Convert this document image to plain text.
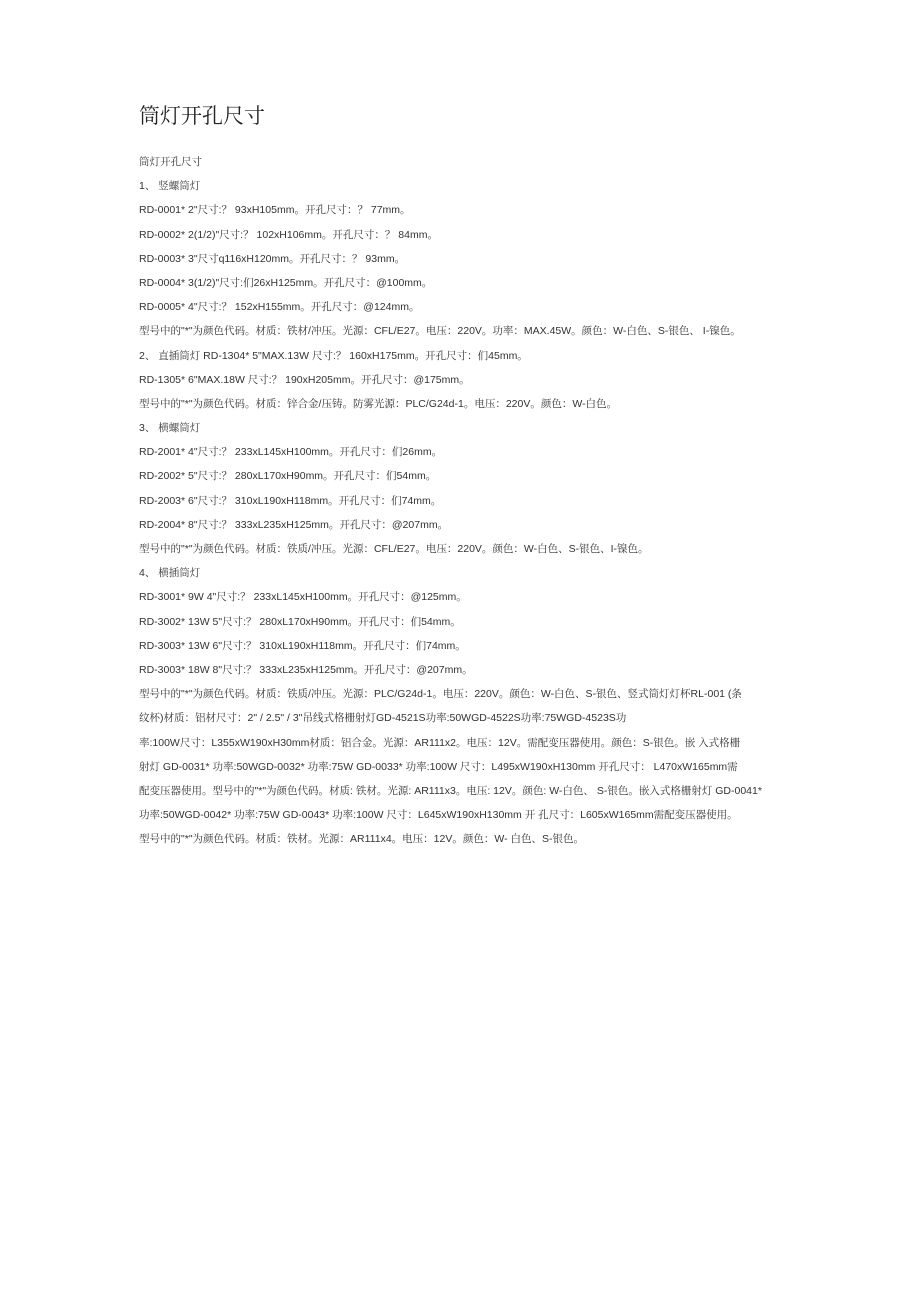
筒灯开孔尺寸

筒灯开孔尺寸

1、 竖螺筒灯

RD-0001* 2"尺寸:？ 93xH105mm。开孔尺寸：？ 77mm。

RD-0002* 2(1/2)"尺寸:？ 102xH106mm。开孔尺寸：？ 84mm。

RD-0003* 3"尺寸q116xH120mm。开孔尺寸：？ 93mm。

RD-0004* 3(1/2)"尺寸:们26xH125mm。开孔尺寸：@100mm。

RD-0005* 4"尺寸:？ 152xH155mm。开孔尺寸：@124mm。

型号中的"*"为颜色代码。材质：铁材/冲压。光源：CFL/E27。电压：220V。功率：MAX.45W。颜色：W-白色、S-银色、 I-镍色。

2、 直插筒灯 RD-1304* 5"MAX.13W 尺寸:？ 160xH175mm。开孔尺寸：们45mm。

RD-1305* 6"MAX.18W 尺寸:？ 190xH205mm。开孔尺寸：@175mm。

型号中的"*"为颜色代码。材质：锌合金/压铸。防雾光源：PLC/G24d-1。电压：220V。颜色：W-白色。

3、 横螺筒灯

RD-2001* 4"尺寸:？ 233xL145xH100mm。开孔尺寸：们26mm。

RD-2002* 5"尺寸:？ 280xL170xH90mm。开孔尺寸：们54mm。

RD-2003* 6"尺寸:？ 310xL190xH118mm。开孔尺寸：们74mm。

RD-2004* 8"尺寸:？ 333xL235xH125mm。开孔尺寸：@207mm。

型号中的"*"为颜色代码。材质：铁质/冲压。光源：CFL/E27。电压：220V。颜色：W-白色、S-银色、I-镍色。

4、 横插筒灯

RD-3001* 9W 4"尺寸:？ 233xL145xH100mm。开孔尺寸：@125mm。

RD-3002* 13W 5"尺寸:？ 280xL170xH90mm。开孔尺寸：们54mm。

RD-3003* 13W 6"尺寸:？ 310xL190xH118mm。开孔尺寸：们74mm。

RD-3003* 18W 8"尺寸:？ 333xL235xH125mm。开孔尺寸：@207mm。

型号中的"*"为颜色代码。材质：铁质/冲压。光源：PLC/G24d-1。电压：220V。颜色：W-白色、S-银色、竖式筒灯灯杯RL-001 (条

纹杯)材质：铝材尺寸：2" / 2.5" / 3"吊线式格栅射灯GD-4521S功率:50WGD-4522S功率:75WGD-4523S功

率:100W尺寸：L355xW190xH30mm材质：铝合金。光源：AR111x2。电压：12V。需配变压器使用。颜色：S-银色。嵌 入式格栅

射灯 GD-0031* 功率:50WGD-0032* 功率:75W GD-0033* 功率:100W 尺寸：L495xW190xH130mm 开孔尺寸： L470xW165mm需

配变压器使用。型号中的"*"为颜色代码。材质: 铁材。光源: AR111x3。电压: 12V。颜色: W-白色、 S-银色。嵌入式格栅射灯 GD-0041*

功率:50WGD-0042* 功率:75W GD-0043* 功率:100W 尺寸：L645xW190xH130mm 开 孔尺寸：L605xW165mm需配变压器使用。

型号中的"*"为颜色代码。材质：铁材。光源：AR111x4。电压：12V。颜色：W- 白色、S-银色。
